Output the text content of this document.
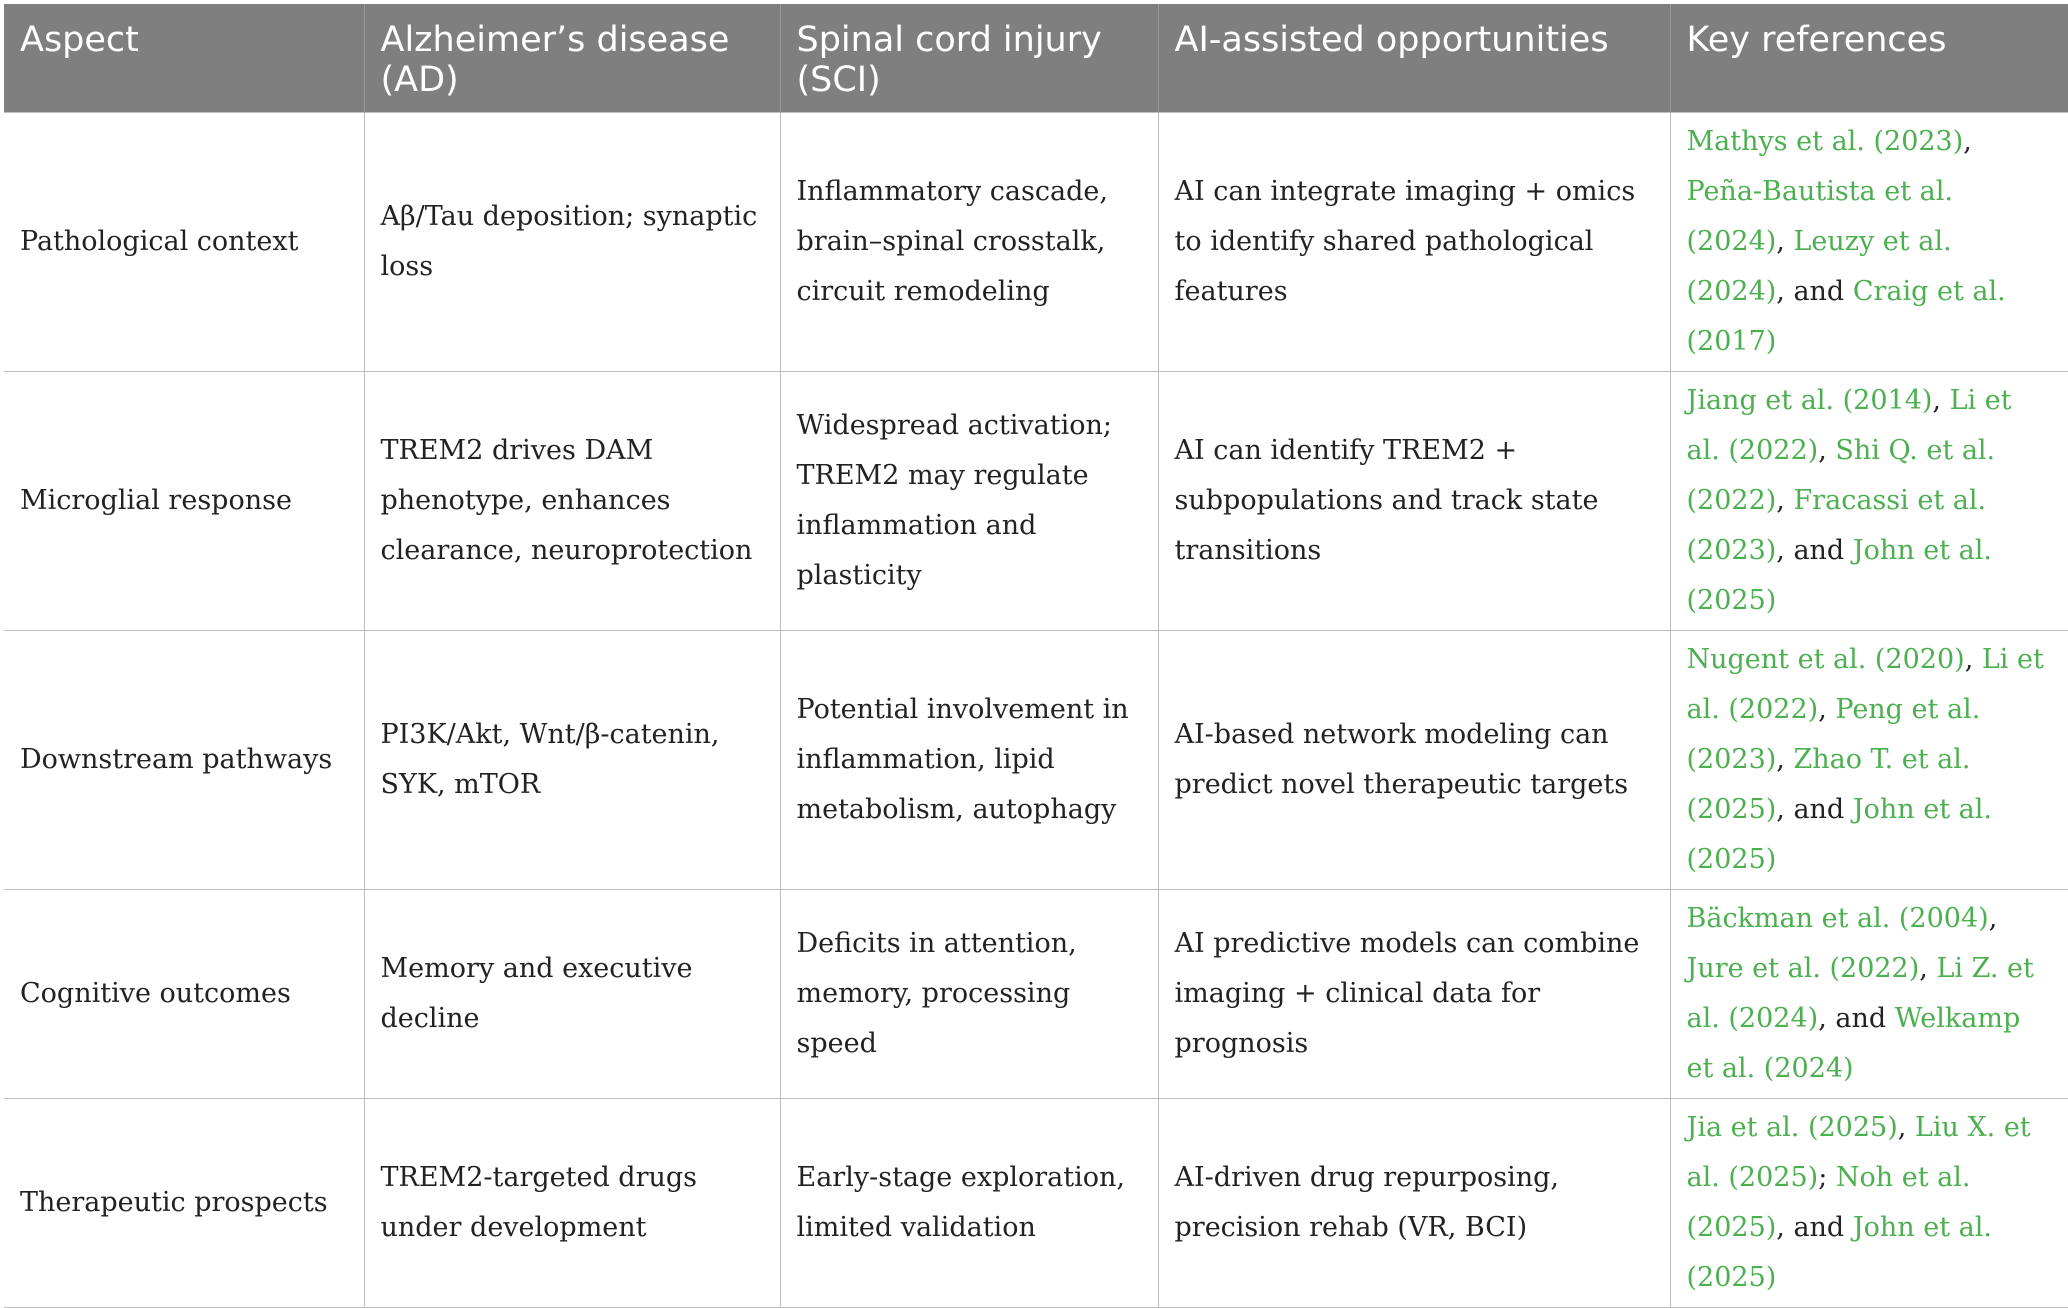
Aspect	Alzheimer’s disease (AD)	Spinal cord injury (SCI)	AI-assisted opportunities	Key references
Pathological context	Aβ/Tau deposition; synaptic loss	Inflammatory cascade, brain–spinal crosstalk, circuit remodeling	AI can integrate imaging + omics to identify shared pathological features	Mathys et al. (2023), Peña-Bautista et al. (2024), Leuzy et al. (2024), and Craig et al. (2017)
Microglial response	TREM2 drives DAM phenotype, enhances clearance, neuroprotection	Widespread activation; TREM2 may regulate inflammation and plasticity	AI can identify TREM2 + subpopulations and track state transitions	Jiang et al. (2014), Li et al. (2022), Shi Q. et al. (2022), Fracassi et al. (2023), and John et al. (2025)
Downstream pathways	PI3K/Akt, Wnt/β-catenin, SYK, mTOR	Potential involvement in inflammation, lipid metabolism, autophagy	AI-based network modeling can predict novel therapeutic targets	Nugent et al. (2020), Li et al. (2022), Peng et al. (2023), Zhao T. et al. (2025), and John et al. (2025)
Cognitive outcomes	Memory and executive decline	Deficits in attention, memory, processing speed	AI predictive models can combine imaging + clinical data for prognosis	Bäckman et al. (2004), Jure et al. (2022), Li Z. et al. (2024), and Welkamp et al. (2024)
Therapeutic prospects	TREM2-targeted drugs under development	Early-stage exploration, limited validation	AI-driven drug repurposing, precision rehab (VR, BCI)	Jia et al. (2025), Liu X. et al. (2025); Noh et al. (2025), and John et al. (2025)
